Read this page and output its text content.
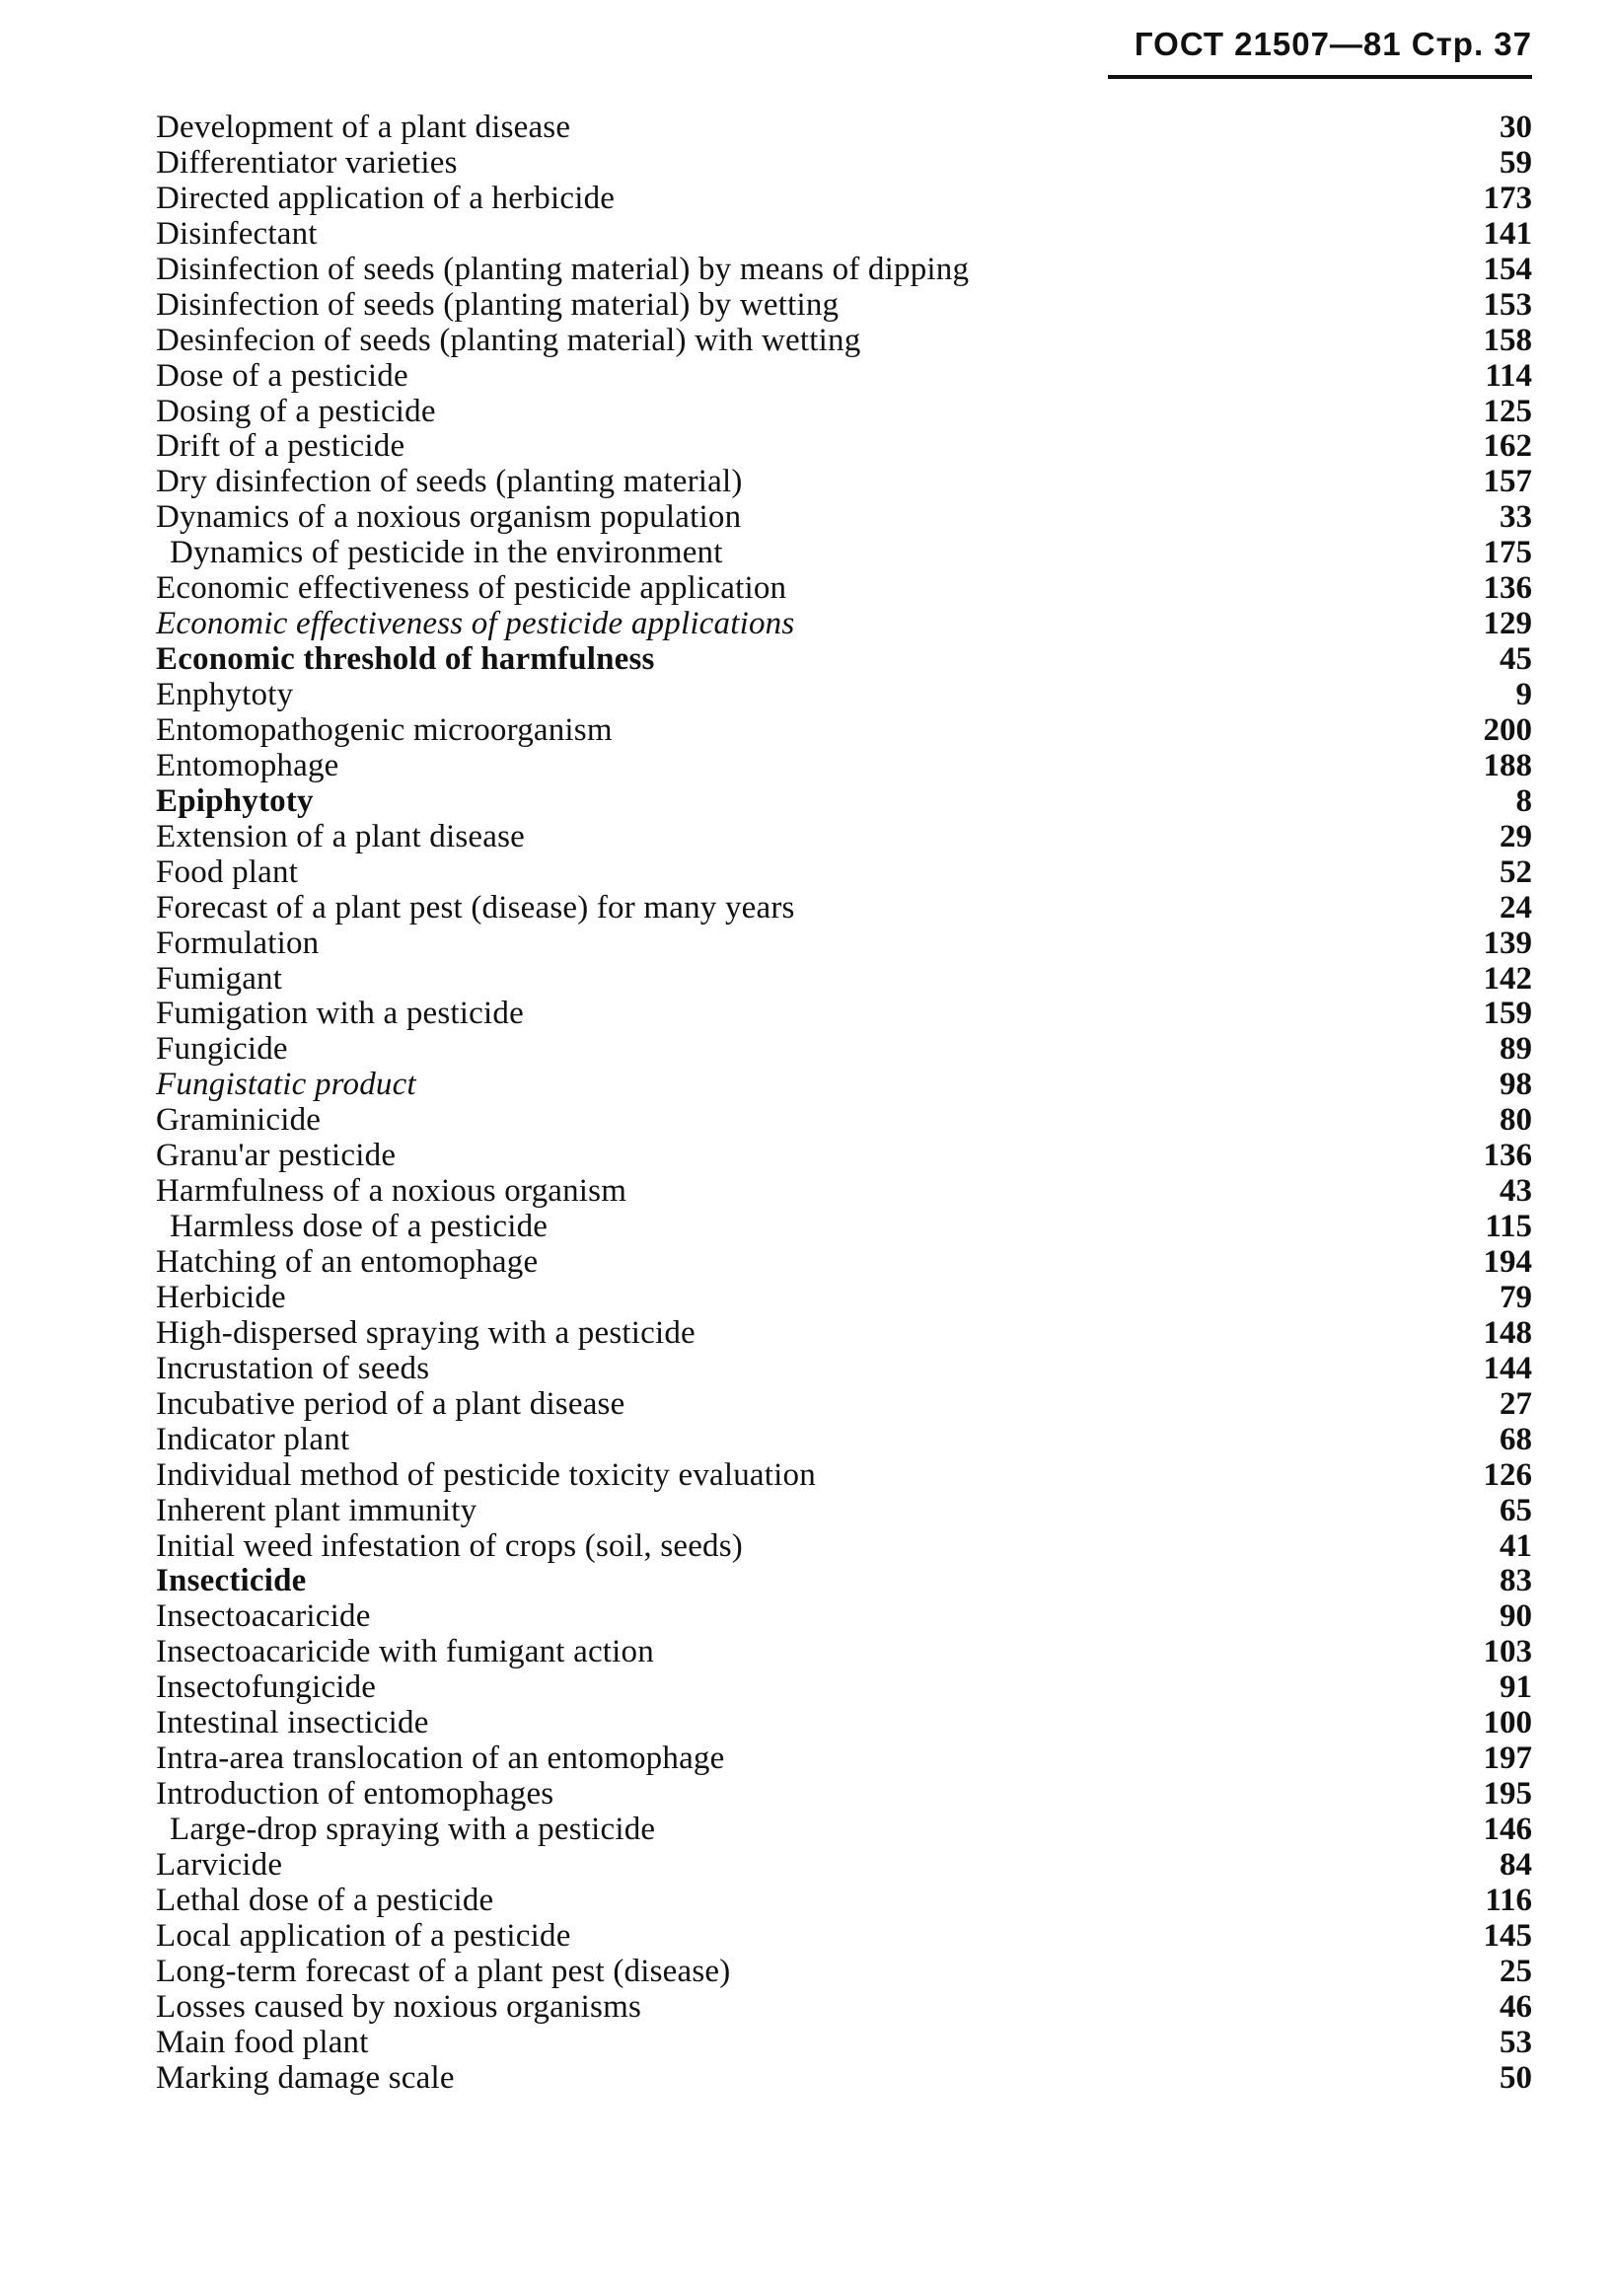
ГОСТ 21507—81 Стр. 37
Development of a plant disease	30
Differentiator varieties	59
Directed application of a herbicide	173
Disinfectant	141
Disinfection of seeds (planting material) by means of dipping	154
Disinfection of seeds (planting material) by wetting	153
Desinfecion of seeds (planting material) with wetting	158
Dose of a pesticide	114
Dosing of a pesticide	125
Drift of a pesticide	162
Dry disinfection of seeds (planting material)	157
Dynamics of a noxious organism population	33
Dynamics of pesticide in the environment	175
Economic effectiveness of pesticide application	136
Economic effectiveness of pesticide applications	129
Economic threshold of harmfulness	45
Enphytoty	9
Entomopathogenic microorganism	200
Entomophage	188
Epiphytoty	8
Extension of a plant disease	29
Food plant	52
Forecast of a plant pest (disease) for many years	24
Formulation	139
Fumigant	142
Fumigation with a pesticide	159
Fungicide	89
Fungistatic product	98
Graminicide	80
Granu'ar pesticide	136
Harmfulness of a noxious organism	43
Harmless dose of a pesticide	115
Hatching of an entomophage	194
Herbicide	79
High-dispersed spraying with a pesticide	148
Incrustation of seeds	144
Incubative period of a plant disease	27
Indicator plant	68
Individual method of pesticide toxicity evaluation	126
Inherent plant immunity	65
Initial weed infestation of crops (soil, seeds)	41
Insecticide	83
Insectoacaricide	90
Insectoacaricide with fumigant action	103
Insectofungicide	91
Intestinal insecticide	100
Intra-area translocation of an entomophage	197
Introduction of entomophages	195
Large-drop spraying with a pesticide	146
Larvicide	84
Lethal dose of a pesticide	116
Local application of a pesticide	145
Long-term forecast of a plant pest (disease)	25
Losses caused by noxious organisms	46
Main food plant	53
Marking damage scale	50
